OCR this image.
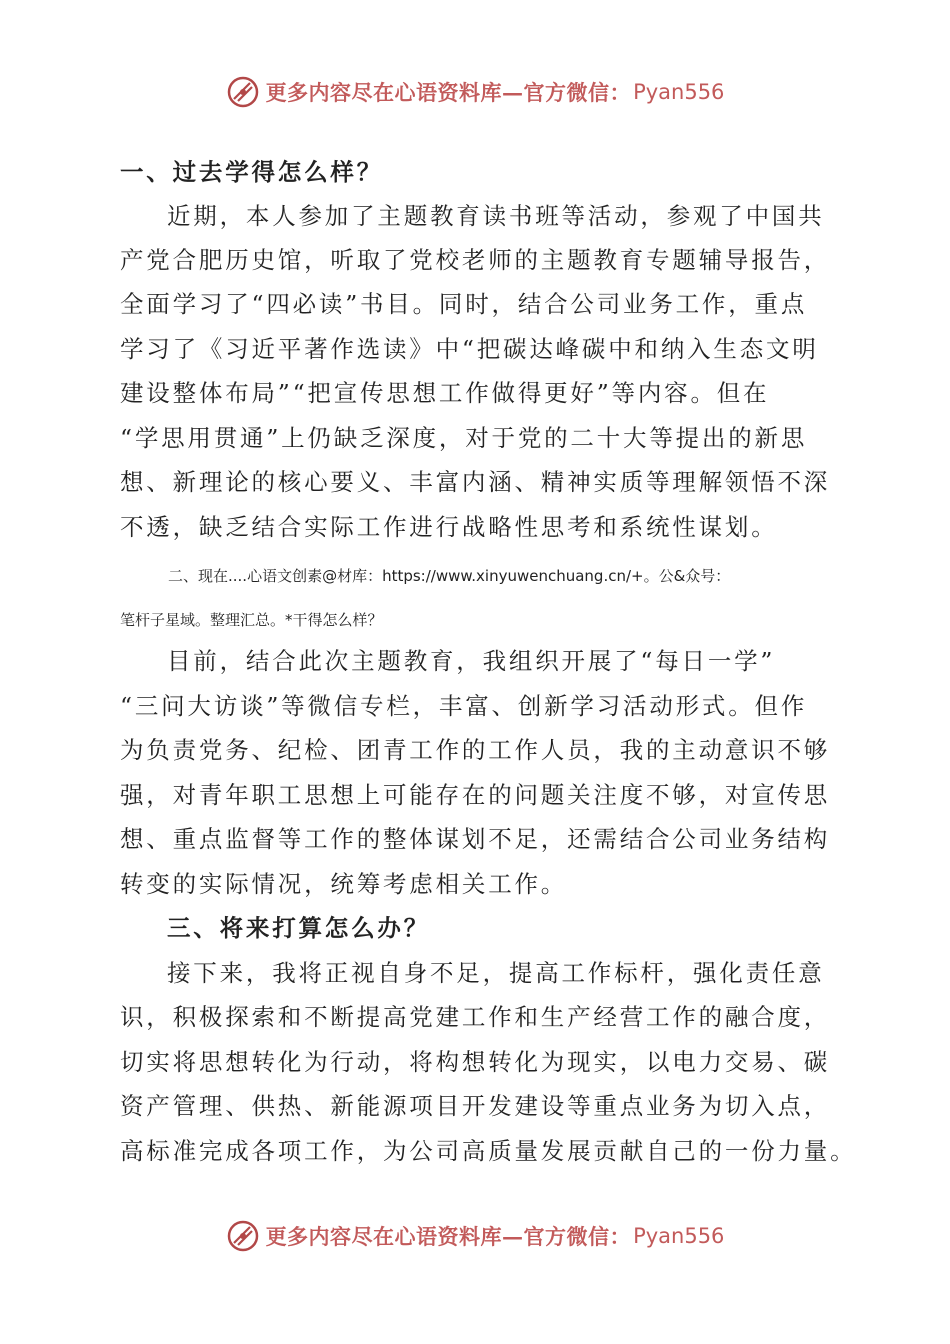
更多内容尽在心语资料库—官方微信： Pyan556

一、过去学得怎么样？

近期，本人参加了主题教育读书班等活动，参观了中国共

产党合肥历史馆，听取了党校老师的主题教育专题辅导报告，

全面学习了“四必读”书目。同时，结合公司业务工作，重点

学习了《习近平著作选读》中“把碳达峰碳中和纳入生态文明

建设整体布局”“把宣传思想工作做得更好”等内容。但在

“学思用贯通”上仍缺乏深度，对于党的二十大等提出的新思

想、新理论的核心要义、丰富内涵、精神实质等理解领悟不深

不透，缺乏结合实际工作进行战略性思考和系统性谋划。

二、现在....心语文创素@材库：https://www.xinyuwenchuang.cn/+。公&众号：

笔杆子星域。整理汇总。*干得怎么样？

目前，结合此次主题教育，我组织开展了“每日一学”

“三问大访谈”等微信专栏，丰富、创新学习活动形式。但作

为负责党务、纪检、团青工作的工作人员，我的主动意识不够

强，对青年职工思想上可能存在的问题关注度不够，对宣传思

想、重点监督等工作的整体谋划不足，还需结合公司业务结构

转变的实际情况，统筹考虑相关工作。

三、将来打算怎么办？

接下来，我将正视自身不足，提高工作标杆，强化责任意

识，积极探索和不断提高党建工作和生产经营工作的融合度，

切实将思想转化为行动，将构想转化为现实，以电力交易、碳

资产管理、供热、新能源项目开发建设等重点业务为切入点，

高标准完成各项工作，为公司高质量发展贡献自己的一份力量。

更多内容尽在心语资料库—官方微信： Pyan556
